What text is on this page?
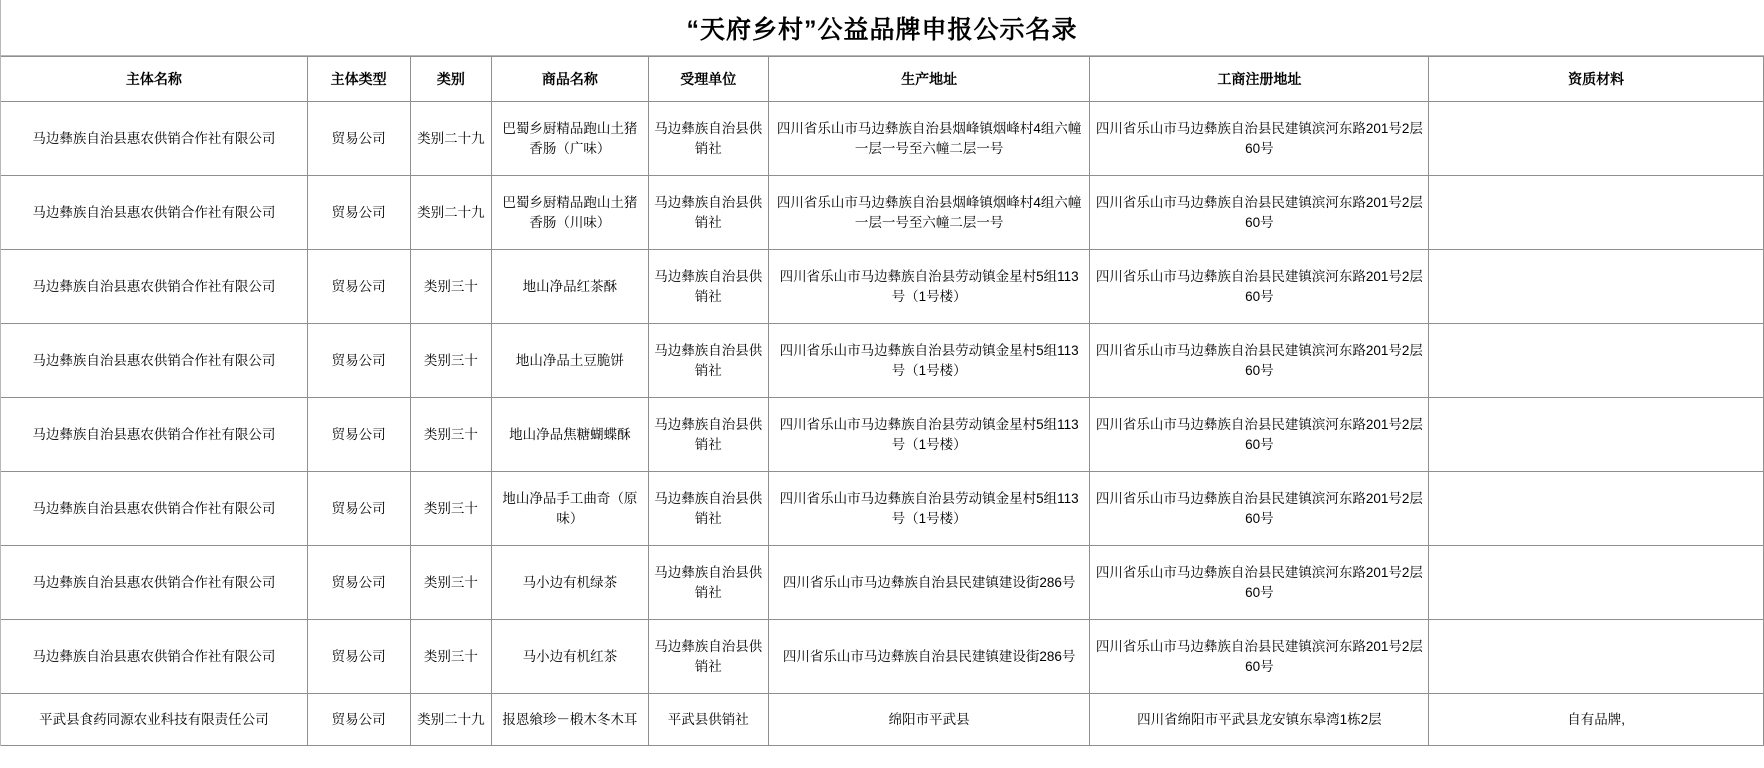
“天府乡村”公益品牌申报公示名录
主体名称	主体类型	类别	商品名称	受理单位	生产地址	工商注册地址	资质材料
马边彝族自治县惠农供销合作社有限公司	贸易公司	类别二十九	巴蜀乡厨精品跑山土猪香肠（广味）	马边彝族自治县供销社	四川省乐山市马边彝族自治县烟峰镇烟峰村4组六幢一层一号至六幢二层一号	四川省乐山市马边彝族自治县民建镇滨河东路201号2层60号	
马边彝族自治县惠农供销合作社有限公司	贸易公司	类别二十九	巴蜀乡厨精品跑山土猪香肠（川味）	马边彝族自治县供销社	四川省乐山市马边彝族自治县烟峰镇烟峰村4组六幢一层一号至六幢二层一号	四川省乐山市马边彝族自治县民建镇滨河东路201号2层60号	
马边彝族自治县惠农供销合作社有限公司	贸易公司	类别三十	地山净品红茶酥	马边彝族自治县供销社	四川省乐山市马边彝族自治县劳动镇金星村5组113号（1号楼）	四川省乐山市马边彝族自治县民建镇滨河东路201号2层60号	
马边彝族自治县惠农供销合作社有限公司	贸易公司	类别三十	地山净品土豆脆饼	马边彝族自治县供销社	四川省乐山市马边彝族自治县劳动镇金星村5组113号（1号楼）	四川省乐山市马边彝族自治县民建镇滨河东路201号2层60号	
马边彝族自治县惠农供销合作社有限公司	贸易公司	类别三十	地山净品焦糖蝴蝶酥	马边彝族自治县供销社	四川省乐山市马边彝族自治县劳动镇金星村5组113号（1号楼）	四川省乐山市马边彝族自治县民建镇滨河东路201号2层60号	
马边彝族自治县惠农供销合作社有限公司	贸易公司	类别三十	地山净品手工曲奇（原味）	马边彝族自治县供销社	四川省乐山市马边彝族自治县劳动镇金星村5组113号（1号楼）	四川省乐山市马边彝族自治县民建镇滨河东路201号2层60号	
马边彝族自治县惠农供销合作社有限公司	贸易公司	类别三十	马小边有机绿茶	马边彝族自治县供销社	四川省乐山市马边彝族自治县民建镇建设街286号	四川省乐山市马边彝族自治县民建镇滨河东路201号2层60号	
马边彝族自治县惠农供销合作社有限公司	贸易公司	类别三十	马小边有机红茶	马边彝族自治县供销社	四川省乐山市马边彝族自治县民建镇建设街286号	四川省乐山市马边彝族自治县民建镇滨河东路201号2层60号	
平武县食药同源农业科技有限责任公司	贸易公司	类别二十九	报恩飨珍－椴木冬木耳	平武县供销社	绵阳市平武县	四川省绵阳市平武县龙安镇东皋湾1栋2层	自有品牌,
